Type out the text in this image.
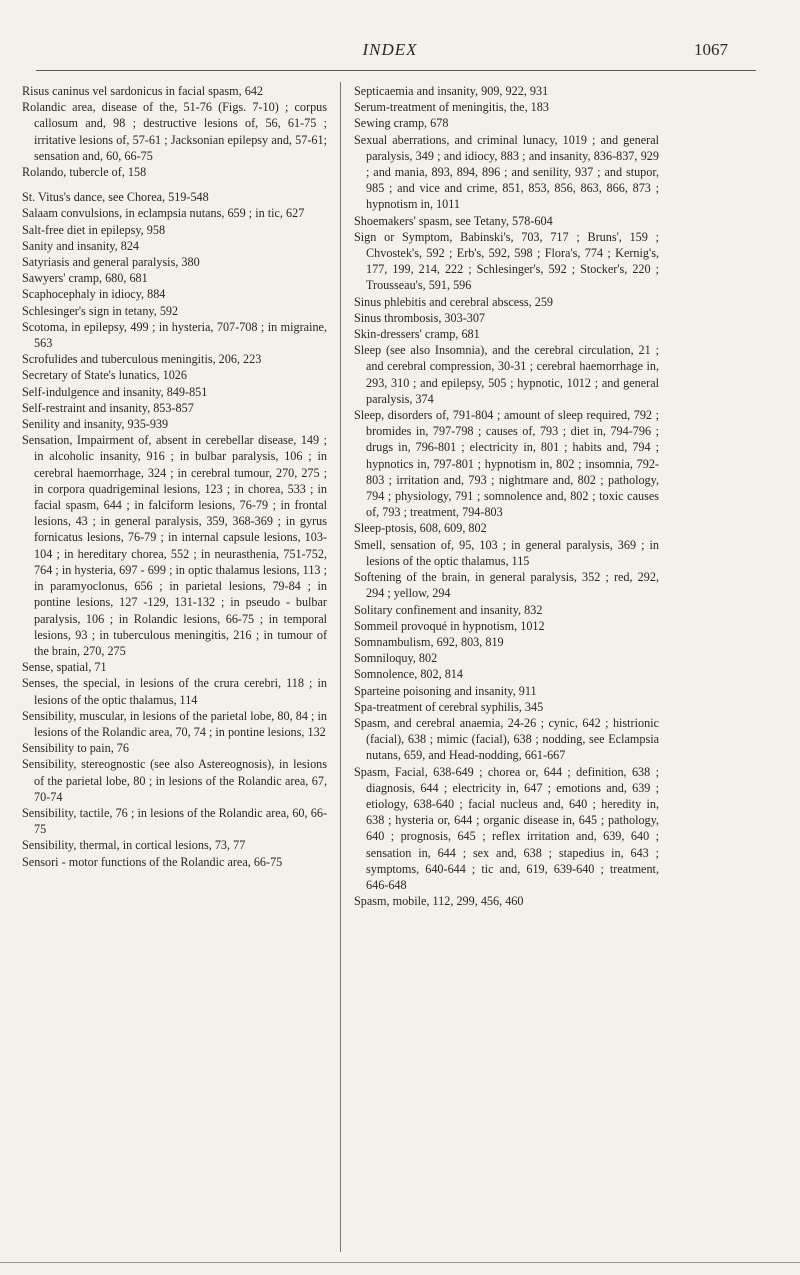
INDEX	1067

Risus caninus vel sardonicus in facial spasm, 642

Rolandic area, disease of the, 51-76 (Figs. 7-10) ; corpus callosum and, 98 ; destructive lesions of, 56, 61-75 ; irritative lesions of, 57-61 ; Jacksonian epilepsy and, 57-61; sensation and, 60, 66-75

Rolando, tubercle of, 158

St. Vitus's dance, see Chorea, 519-548

Salaam convulsions, in eclampsia nutans, 659 ; in tic, 627

Salt-free diet in epilepsy, 958

Sanity and insanity, 824

Satyriasis and general paralysis, 380

Sawyers' cramp, 680, 681

Scaphocephaly in idiocy, 884

Schlesinger's sign in tetany, 592

Scotoma, in epilepsy, 499 ; in hysteria, 707-708 ; in migraine, 563

Scrofulides and tuberculous meningitis, 206, 223

Secretary of State's lunatics, 1026

Self-indulgence and insanity, 849-851

Self-restraint and insanity, 853-857

Senility and insanity, 935-939

Sensation, Impairment of, absent in cerebellar disease, 149 ; in alcoholic insanity, 916 ; in bulbar paralysis, 106 ; in cerebral haemorrhage, 324 ; in cerebral tumour, 270, 275 ; in corpora quadrigeminal lesions, 123 ; in chorea, 533 ; in facial spasm, 644 ; in falciform lesions, 76-79 ; in frontal lesions, 43 ; in general paralysis, 359, 368-369 ; in gyrus fornicatus lesions, 76-79 ; in internal capsule lesions, 103-104 ; in hereditary chorea, 552 ; in neurasthenia, 751-752, 764 ; in hysteria, 697 - 699 ; in optic thalamus lesions, 113 ; in paramyoclonus, 656 ; in parietal lesions, 79-84 ; in pontine lesions, 127 -129, 131-132 ; in pseudo - bulbar paralysis, 106 ; in Rolandic lesions, 66-75 ; in temporal lesions, 93 ; in tuberculous meningitis, 216 ; in tumour of the brain, 270, 275

Sense, spatial, 71

Senses, the special, in lesions of the crura cerebri, 118 ; in lesions of the optic thalamus, 114

Sensibility, muscular, in lesions of the parietal lobe, 80, 84 ; in lesions of the Rolandic area, 70, 74 ; in pontine lesions, 132

Sensibility to pain, 76

Sensibility, stereognostic (see also Astereognosis), in lesions of the parietal lobe, 80 ; in lesions of the Rolandic area, 67, 70-74

Sensibility, tactile, 76 ; in lesions of the Rolandic area, 60, 66-75

Sensibility, thermal, in cortical lesions, 73, 77

Sensori - motor functions of the Rolandic area, 66-75

Septicaemia and insanity, 909, 922, 931

Serum-treatment of meningitis, the, 183

Sewing cramp, 678

Sexual aberrations, and criminal lunacy, 1019 ; and general paralysis, 349 ; and idiocy, 883 ; and insanity, 836-837, 929 ; and mania, 893, 894, 896 ; and senility, 937 ; and stupor, 985 ; and vice and crime, 851, 853, 856, 863, 866, 873 ; hypnotism in, 1011

Shoemakers' spasm, see Tetany, 578-604

Sign or Symptom, Babinski's, 703, 717 ; Bruns', 159 ; Chvostek's, 592 ; Erb's, 592, 598 ; Flora's, 774 ; Kernig's, 177, 199, 214, 222 ; Schlesinger's, 592 ; Stocker's, 220 ; Trousseau's, 591, 596

Sinus phlebitis and cerebral abscess, 259

Sinus thrombosis, 303-307

Skin-dressers' cramp, 681

Sleep (see also Insomnia), and the cerebral circulation, 21 ; and cerebral compression, 30-31 ; cerebral haemorrhage in, 293, 310 ; and epilepsy, 505 ; hypnotic, 1012 ; and general paralysis, 374

Sleep, disorders of, 791-804 ; amount of sleep required, 792 ; bromides in, 797-798 ; causes of, 793 ; diet in, 794-796 ; drugs in, 796-801 ; electricity in, 801 ; habits and, 794 ; hypnotics in, 797-801 ; hypnotism in, 802 ; insomnia, 792-803 ; irritation and, 793 ; nightmare and, 802 ; pathology, 794 ; physiology, 791 ; somnolence and, 802 ; toxic causes of, 793 ; treatment, 794-803

Sleep-ptosis, 608, 609, 802

Smell, sensation of, 95, 103 ; in general paralysis, 369 ; in lesions of the optic thalamus, 115

Softening of the brain, in general paralysis, 352 ; red, 292, 294 ; yellow, 294

Solitary confinement and insanity, 832

Sommeil provoqué in hypnotism, 1012

Somnambulism, 692, 803, 819

Somniloquy, 802

Somnolence, 802, 814

Sparteine poisoning and insanity, 911

Spa-treatment of cerebral syphilis, 345

Spasm, and cerebral anaemia, 24-26 ; cynic, 642 ; histrionic (facial), 638 ; mimic (facial), 638 ; nodding, see Eclampsia nutans, 659, and Head-nodding, 661-667

Spasm, Facial, 638-649 ; chorea or, 644 ; definition, 638 ; diagnosis, 644 ; electricity in, 647 ; emotions and, 639 ; etiology, 638-640 ; facial nucleus and, 640 ; heredity in, 638 ; hysteria or, 644 ; organic disease in, 645 ; pathology, 640 ; prognosis, 645 ; reflex irritation and, 639, 640 ; sensation in, 644 ; sex and, 638 ; stapedius in, 643 ; symptoms, 640-644 ; tic and, 619, 639-640 ; treatment, 646-648

Spasm, mobile, 112, 299, 456, 460
